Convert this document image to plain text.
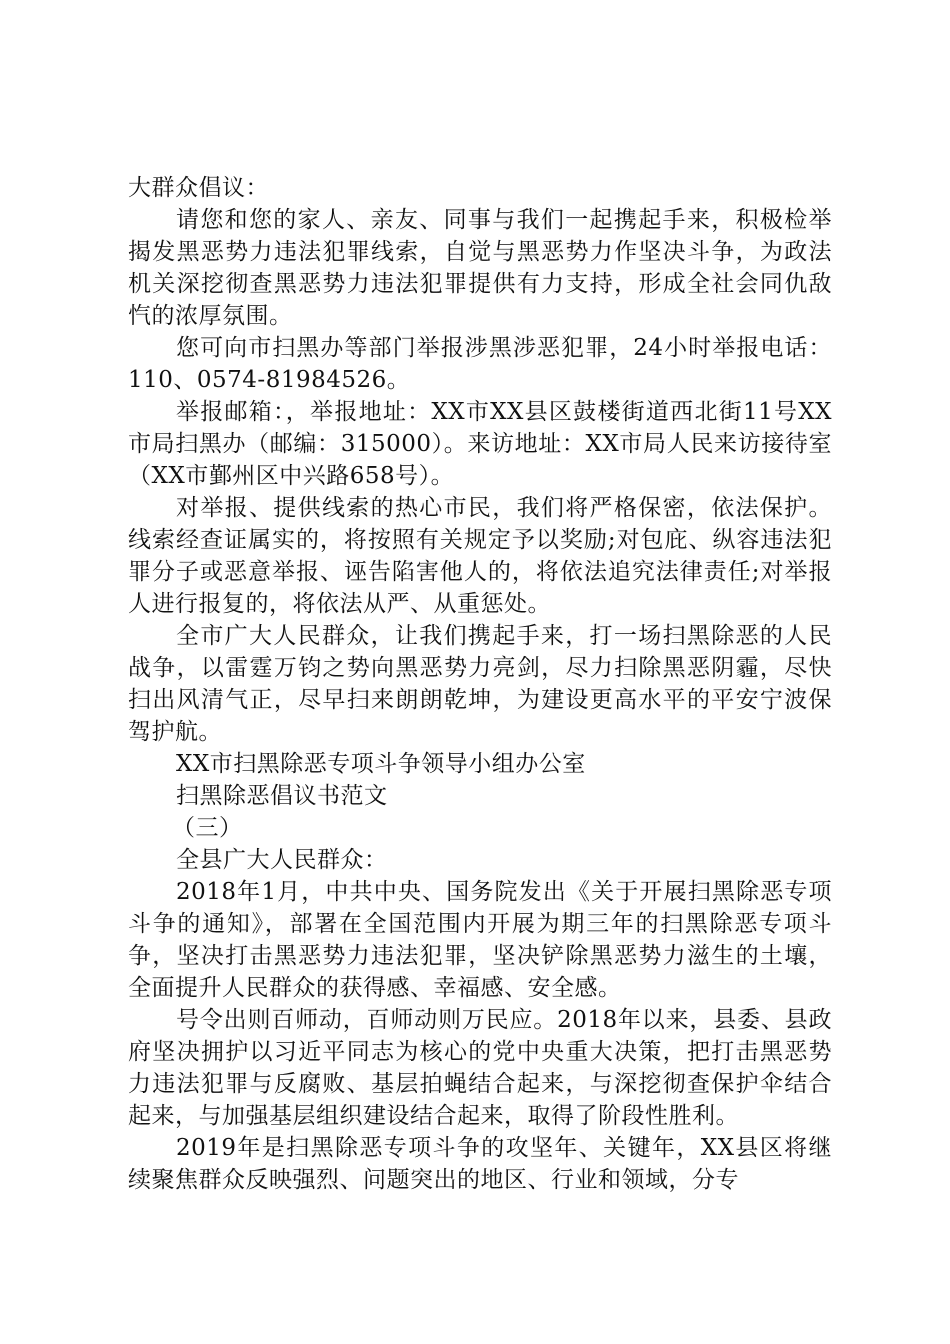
大群众倡议：

请您和您的家人、亲友、同事与我们一起携起手来，积极检举揭发黑恶势力违法犯罪线索，自觉与黑恶势力作坚决斗争，为政法机关深挖彻查黑恶势力违法犯罪提供有力支持，形成全社会同仇敌忾的浓厚氛围。

您可向市扫黑办等部门举报涉黑涉恶犯罪，24小时举报电话：110、0574-81984526。

举报邮箱：，举报地址：XX市XX县区鼓楼街道西北街11号XX市局扫黑办（邮编：315000）。来访地址：XX市局人民来访接待室（XX市鄞州区中兴路658号）。

对举报、提供线索的热心市民，我们将严格保密，依法保护。线索经查证属实的，将按照有关规定予以奖励;对包庇、纵容违法犯罪分子或恶意举报、诬告陷害他人的，将依法追究法律责任;对举报人进行报复的，将依法从严、从重惩处。

全市广大人民群众，让我们携起手来，打一场扫黑除恶的人民战争，以雷霆万钧之势向黑恶势力亮剑，尽力扫除黑恶阴霾，尽快扫出风清气正，尽早扫来朗朗乾坤，为建设更高水平的平安宁波保驾护航。

XX市扫黑除恶专项斗争领导小组办公室

扫黑除恶倡议书范文

（三）

全县广大人民群众：

2018年1月，中共中央、国务院发出《关于开展扫黑除恶专项斗争的通知》，部署在全国范围内开展为期三年的扫黑除恶专项斗争，坚决打击黑恶势力违法犯罪，坚决铲除黑恶势力滋生的土壤，全面提升人民群众的获得感、幸福感、安全感。

号令出则百师动，百师动则万民应。2018年以来，县委、县政府坚决拥护以习近平同志为核心的党中央重大决策，把打击黑恶势力违法犯罪与反腐败、基层拍蝇结合起来，与深挖彻查保护伞结合起来，与加强基层组织建设结合起来，取得了阶段性胜利。

2019年是扫黑除恶专项斗争的攻坚年、关键年，XX县区将继续聚焦群众反映强烈、问题突出的地区、行业和领域，分专
